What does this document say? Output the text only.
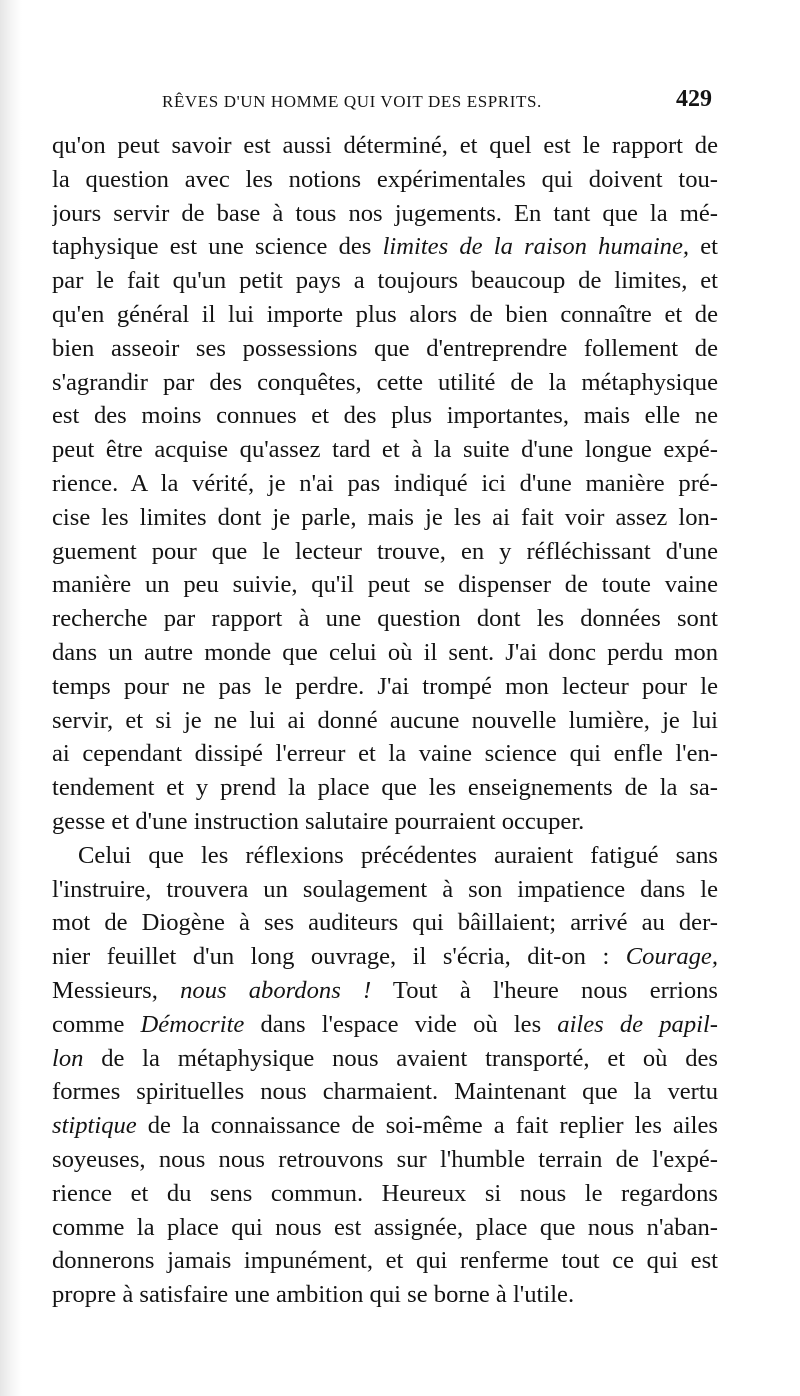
RÊVES D'UN HOMME QUI VOIT DES ESPRITS.	429
qu'on peut savoir est aussi déterminé, et quel est le rapport de
la question avec les notions expérimentales qui doivent tou-
jours servir de base à tous nos jugements. En tant que la mé-
taphysique est une science des limites de la raison humaine, et
par le fait qu'un petit pays a toujours beaucoup de limites, et
qu'en général il lui importe plus alors de bien connaître et de
bien asseoir ses possessions que d'entreprendre follement de
s'agrandir par des conquêtes, cette utilité de la métaphysique
est des moins connues et des plus importantes, mais elle ne
peut être acquise qu'assez tard et à la suite d'une longue expé-
rience. A la vérité, je n'ai pas indiqué ici d'une manière pré-
cise les limites dont je parle, mais je les ai fait voir assez lon-
guement pour que le lecteur trouve, en y réfléchissant d'une
manière un peu suivie, qu'il peut se dispenser de toute vaine
recherche par rapport à une question dont les données sont
dans un autre monde que celui où il sent. J'ai donc perdu mon
temps pour ne pas le perdre. J'ai trompé mon lecteur pour le
servir, et si je ne lui ai donné aucune nouvelle lumière, je lui
ai cependant dissipé l'erreur et la vaine science qui enfle l'en-
tendement et y prend la place que les enseignements de la sa-
gesse et d'une instruction salutaire pourraient occuper.
Celui que les réflexions précédentes auraient fatigué sans
l'instruire, trouvera un soulagement à son impatience dans le
mot de Diogène à ses auditeurs qui bâillaient; arrivé au der-
nier feuillet d'un long ouvrage, il s'écria, dit-on : Courage,
Messieurs, nous abordons ! Tout à l'heure nous errions
comme Démocrite dans l'espace vide où les ailes de papil-
lon de la métaphysique nous avaient transporté, et où des
formes spirituelles nous charmaient. Maintenant que la vertu
stiptique de la connaissance de soi-même a fait replier les ailes
soyeuses, nous nous retrouvons sur l'humble terrain de l'expé-
rience et du sens commun. Heureux si nous le regardons
comme la place qui nous est assignée, place que nous n'aban-
donnerons jamais impunément, et qui renferme tout ce qui est
propre à satisfaire une ambition qui se borne à l'utile.
